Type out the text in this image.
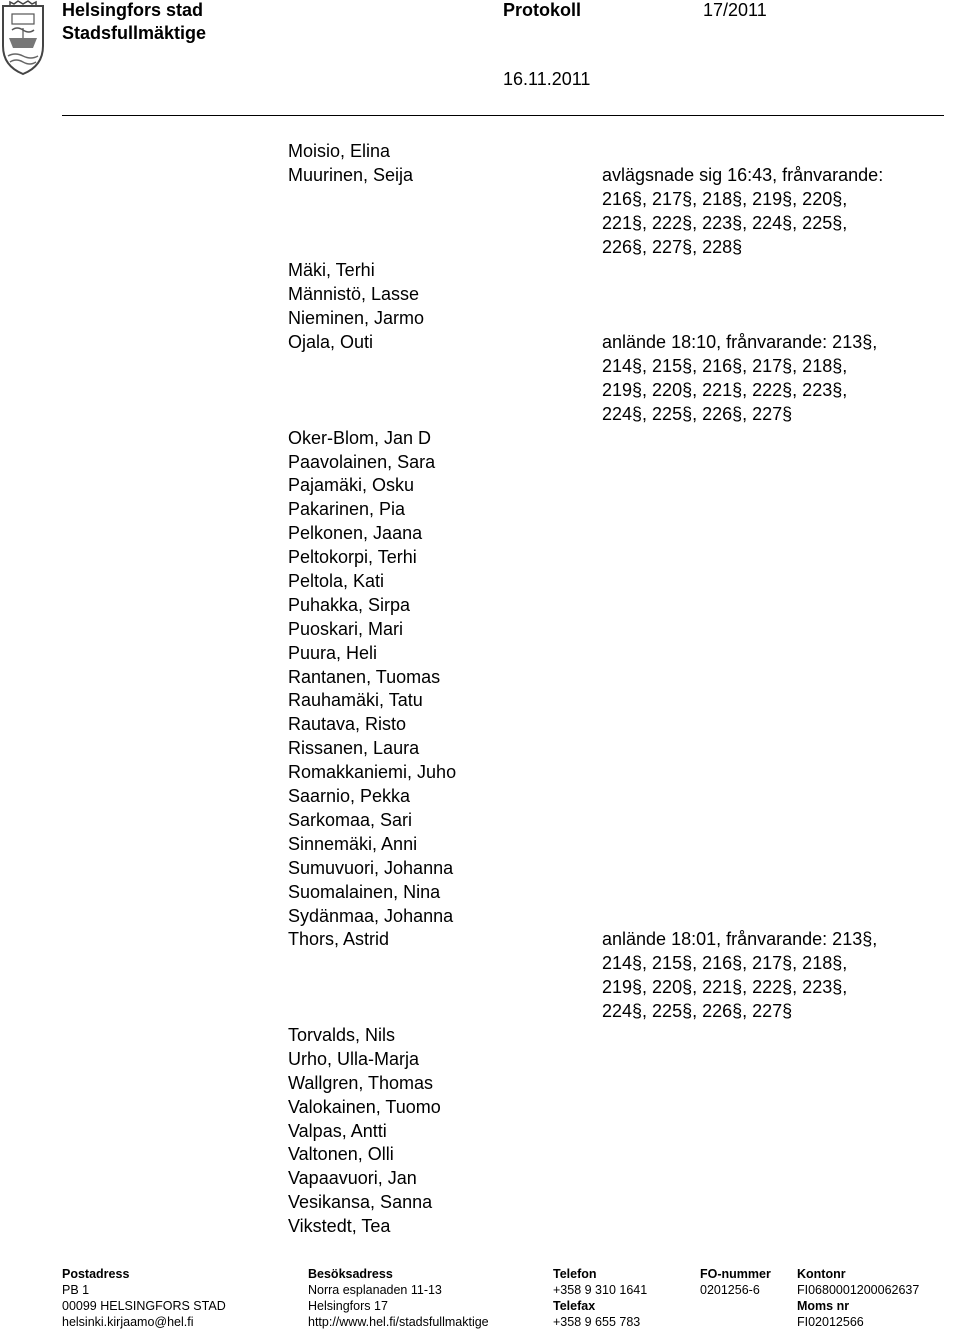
Helsingfors stad
Stadsfullmäktige
Protokoll	17/2011
16.11.2011
Moisio, Elina
Muurinen, Seija
Mäki, Terhi
Männistö, Lasse
Nieminen, Jarmo
Ojala, Outi
Oker-Blom, Jan D
Paavolainen, Sara
Pajamäki, Osku
Pakarinen, Pia
Pelkonen, Jaana
Peltokorpi, Terhi
Peltola, Kati
Puhakka, Sirpa
Puoskari, Mari
Puura, Heli
Rantanen, Tuomas
Rauhamäki, Tatu
Rautava, Risto
Rissanen, Laura
Romakkaniemi, Juho
Saarnio, Pekka
Sarkomaa, Sari
Sinnemäki, Anni
Sumuvuori, Johanna
Suomalainen, Nina
Sydänmaa, Johanna
Thors, Astrid
Torvalds, Nils
Urho, Ulla-Marja
Wallgren, Thomas
Valokainen, Tuomo
Valpas, Antti
Valtonen, Olli
Vapaavuori, Jan
Vesikansa, Sanna
Vikstedt, Tea
avlägsnade sig 16:43, frånvarande:
216§, 217§, 218§, 219§, 220§,
221§, 222§, 223§, 224§, 225§,
226§, 227§, 228§
anlände 18:10, frånvarande: 213§,
214§, 215§, 216§, 217§, 218§,
219§, 220§, 221§, 222§, 223§,
224§, 225§, 226§, 227§
anlände 18:01, frånvarande: 213§,
214§, 215§, 216§, 217§, 218§,
219§, 220§, 221§, 222§, 223§,
224§, 225§, 226§, 227§
Postadress
PB 1
00099 HELSINGFORS STAD
helsinki.kirjaamo@hel.fi
Besöksadress
Norra esplanaden 11-13
Helsingfors 17
http://www.hel.fi/stadsfullmaktige
Telefon
+358 9 310 1641
Telefax
+358 9 655 783
FO-nummer
0201256-6
Kontonr
FI0680001200062637
Moms nr
FI02012566
